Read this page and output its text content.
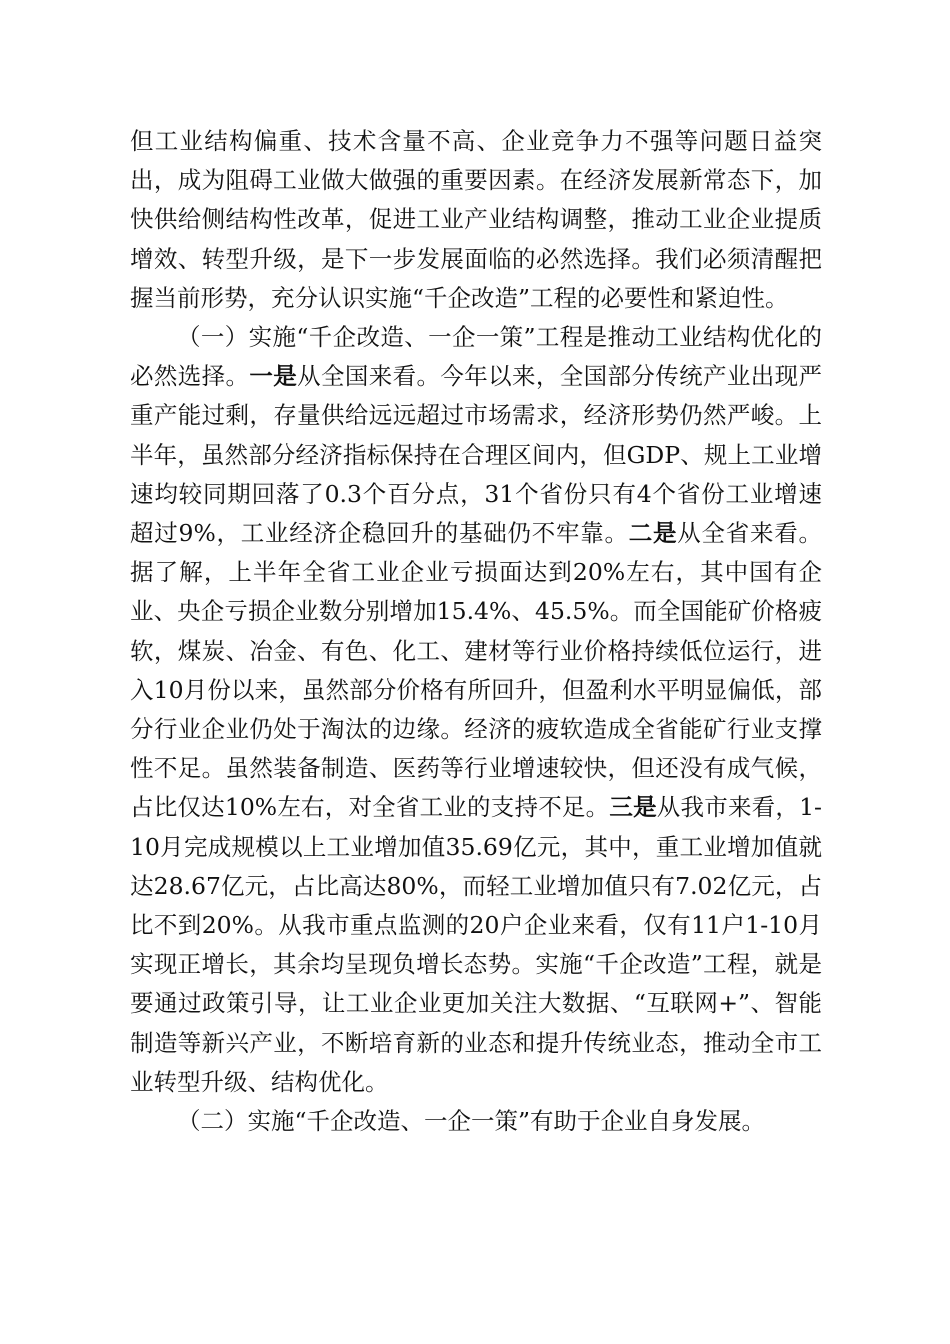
但工业结构偏重、技术含量不高、企业竞争力不强等问题日益突出，成为阻碍工业做大做强的重要因素。在经济发展新常态下，加快供给侧结构性改革，促进工业产业结构调整，推动工业企业提质增效、转型升级，是下一步发展面临的必然选择。我们必须清醒把握当前形势，充分认识实施“千企改造”工程的必要性和紧迫性。

（一）实施“千企改造、一企一策”工程是推动工业结构优化的必然选择。一是从全国来看。今年以来，全国部分传统产业出现严重产能过剩，存量供给远远超过市场需求，经济形势仍然严峻。上半年，虽然部分经济指标保持在合理区间内，但GDP、规上工业增速均较同期回落了0.3个百分点，31个省份只有4个省份工业增速超过9%，工业经济企稳回升的基础仍不牢靠。二是从全省来看。据了解，上半年全省工业企业亏损面达到20%左右，其中国有企业、央企亏损企业数分别增加15.4%、45.5%。而全国能矿价格疲软，煤炭、冶金、有色、化工、建材等行业价格持续低位运行，进入10月份以来，虽然部分价格有所回升，但盈利水平明显偏低，部分行业企业仍处于淘汰的边缘。经济的疲软造成全省能矿行业支撑性不足。虽然装备制造、医药等行业增速较快，但还没有成气候，占比仅达10%左右，对全省工业的支持不足。三是从我市来看，1-10月完成规模以上工业增加值35.69亿元，其中，重工业增加值就达28.67亿元，占比高达80%，而轻工业增加值只有7.02亿元，占比不到20%。从我市重点监测的20户企业来看，仅有11户1-10月实现正增长，其余均呈现负增长态势。实施“千企改造”工程，就是要通过政策引导，让工业企业更加关注大数据、“互联网+”、智能制造等新兴产业，不断培育新的业态和提升传统业态，推动全市工业转型升级、结构优化。

（二）实施“千企改造、一企一策”有助于企业自身发展。
